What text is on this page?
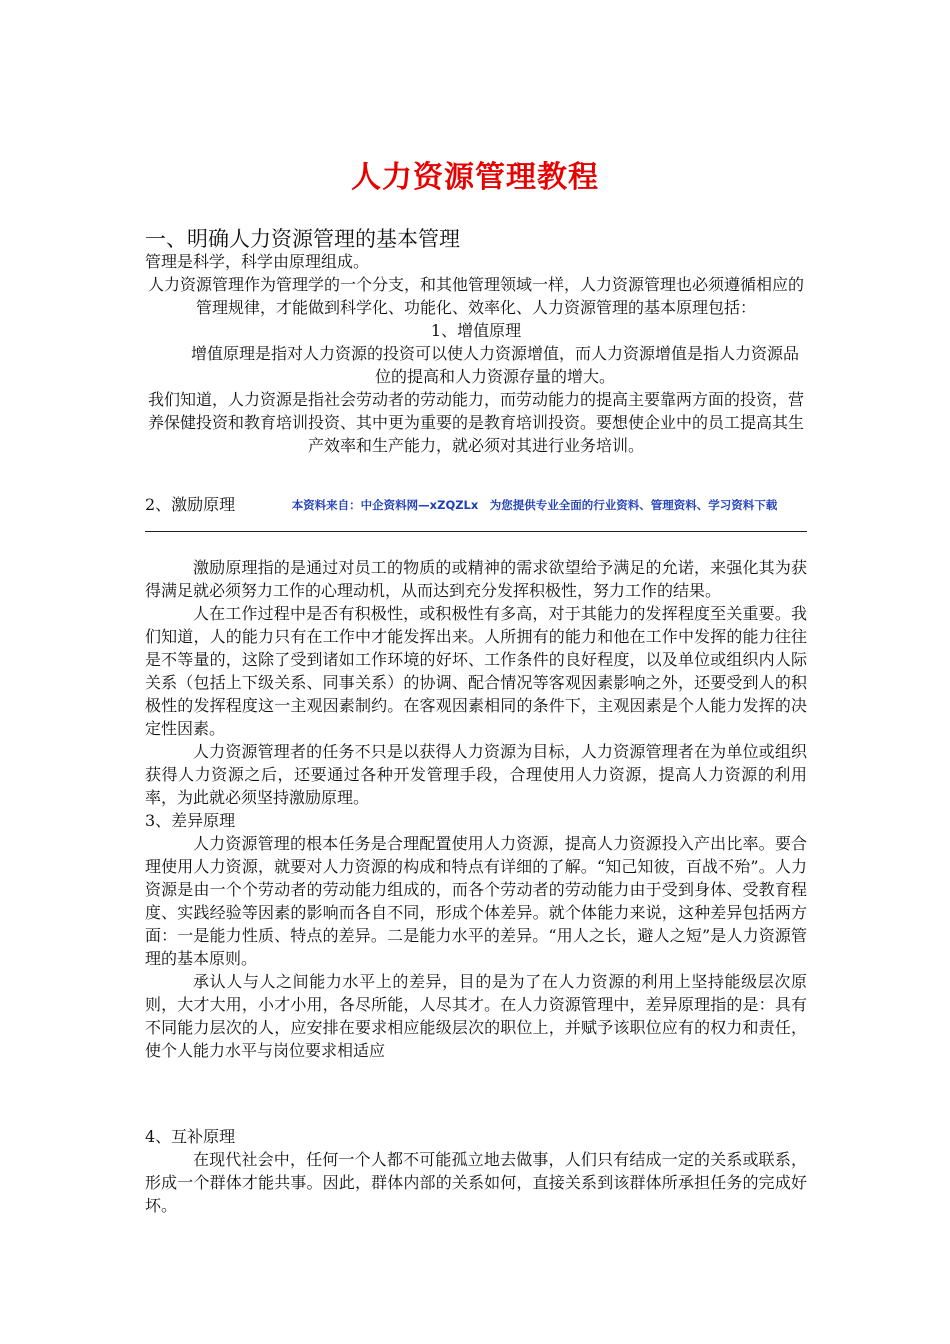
人力资源管理教程
一、明确人力资源管理的基本管理

管理是科学，科学由原理组成。

人力资源管理作为管理学的一个分支，和其他管理领域一样，人力资源管理也必须遵循相应的管理规律，才能做到科学化、功能化、效率化、人力资源管理的基本原理包括：

1、增值原理

增值原理是指对人力资源的投资可以使人力资源增值，而人力资源增值是指人力资源品位的提高和人力资源存量的增大。

我们知道，人力资源是指社会劳动者的劳动能力，而劳动能力的提高主要靠两方面的投资，营养保健投资和教育培训投资、其中更为重要的是教育培训投资。要想使企业中的员工提高其生产效率和生产能力，就必须对其进行业务培训。

2、激励原理	本资料来自：中企资料网—xZQZLx　为您提供专业全面的行业资料、管理资料、学习资料下载

激励原理指的是通过对员工的物质的或精神的需求欲望给予满足的允诺，来强化其为获得满足就必须努力工作的心理动机，从而达到充分发挥积极性，努力工作的结果。

人在工作过程中是否有积极性，或积极性有多高，对于其能力的发挥程度至关重要。我们知道，人的能力只有在工作中才能发挥出来。人所拥有的能力和他在工作中发挥的能力往往是不等量的，这除了受到诸如工作环境的好坏、工作条件的良好程度，以及单位或组织内人际关系（包括上下级关系、同事关系）的协调、配合情况等客观因素影响之外，还要受到人的积极性的发挥程度这一主观因素制约。在客观因素相同的条件下，主观因素是个人能力发挥的决定性因素。

人力资源管理者的任务不只是以获得人力资源为目标，人力资源管理者在为单位或组织获得人力资源之后，还要通过各种开发管理手段，合理使用人力资源，提高人力资源的利用率，为此就必须坚持激励原理。

3、差异原理

人力资源管理的根本任务是合理配置使用人力资源，提高人力资源投入产出比率。要合理使用人力资源，就要对人力资源的构成和特点有详细的了解。“知己知彼，百战不殆”。人力资源是由一个个劳动者的劳动能力组成的，而各个劳动者的劳动能力由于受到身体、受教育程度、实践经验等因素的影响而各自不同，形成个体差异。就个体能力来说，这种差异包括两方面：一是能力性质、特点的差异。二是能力水平的差异。“用人之长，避人之短”是人力资源管理的基本原则。

承认人与人之间能力水平上的差异，目的是为了在人力资源的利用上坚持能级层次原则，大才大用，小才小用，各尽所能，人尽其才。在人力资源管理中，差异原理指的是：具有不同能力层次的人，应安排在要求相应能级层次的职位上，并赋予该职位应有的权力和责任，使个人能力水平与岗位要求相适应

4、互补原理

在现代社会中，任何一个人都不可能孤立地去做事，人们只有结成一定的关系或联系，形成一个群体才能共事。因此，群体内部的关系如何，直接关系到该群体所承担任务的完成好坏。
